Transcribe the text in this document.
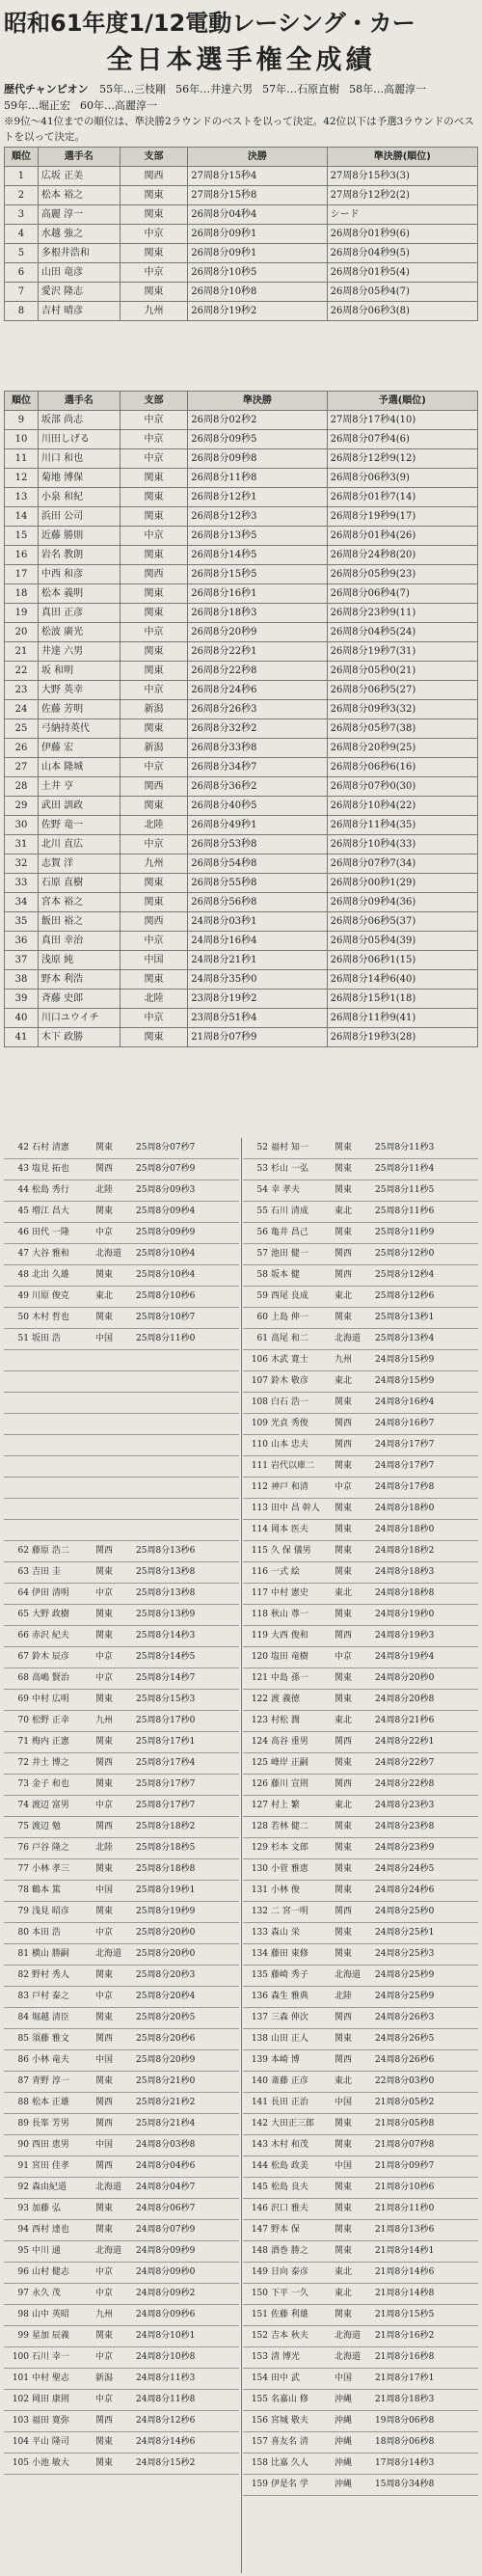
昭和61年度1/12電動レーシング・カー
全日本選手権全成績
歴代チャンピオン 55年…三枝剛 56年…井達六男 57年…石原直樹 58年…高麗淳一59年…堀正宏 60年…高麗淳一
※9位〜41位までの順位は、準決勝2ラウンドのベストを以って決定。42位以下は予選3ラウンドのベストを以って決定。
順位	選手名	支部	決勝	準決勝(順位)
1	広坂 正美	関西	27周8分15秒4	27周8分15秒3(3)
2	松本 裕之	関東	27周8分15秒8	27周8分12秒2(2)
3	高麗 淳一	関東	26周8分04秒4	シード
4	水越 強之	中京	26周8分09秒1	26周8分01秒9(6)
5	多根井浩和	関東	26周8分09秒1	26周8分04秒9(5)
6	山田 竜彦	中京	26周8分10秒5	26周8分01秒5(4)
7	愛沢 隆志	関東	26周8分10秒8	26周8分05秒4(7)
8	吉村 晴彦	九州	26周8分19秒2	26周8分06秒3(8)
順位	選手名	支部	準決勝	予選(順位)
9	坂部 尚志	中京	26周8分02秒2	27周8分17秒4(10)
10	川田しげる	中京	26周8分09秒5	26周8分07秒4(6)
11	川口 和也	中京	26周8分09秒8	26周8分12秒9(12)
12	菊地 博保	関東	26周8分11秒8	26周8分06秒3(9)
13	小泉 和紀	関東	26周8分12秒1	26周8分01秒7(14)
14	浜田 公司	関東	26周8分12秒3	26周8分19秒9(17)
15	近藤 勝則	中京	26周8分13秒5	26周8分01秒4(26)
16	岩名 教朗	関東	26周8分14秒5	26周8分24秒8(20)
17	中西 和彦	関西	26周8分15秒5	26周8分05秒9(23)
18	松本 義明	関東	26周8分16秒1	26周8分06秒4(7)
19	真田 正彦	関東	26周8分18秒3	26周8分23秒9(11)
20	松波 廣光	中京	26周8分20秒9	26周8分04秒5(24)
21	井達 六男	関東	26周8分22秒1	26周8分19秒7(31)
22	坂 和明	関東	26周8分22秒8	26周8分05秒0(21)
23	大野 英幸	中京	26周8分24秒6	26周8分06秒5(27)
24	佐藤 芳明	新潟	26周8分26秒3	26周8分09秒3(32)
25	弓納持英代	関東	26周8分32秒2	26周8分05秒7(38)
26	伊藤 宏	新潟	26周8分33秒8	26周8分20秒9(25)
27	山本 隆城	中京	26周8分34秒7	26周8分06秒6(16)
28	土井 亨	関西	26周8分36秒2	26周8分07秒0(30)
29	武田 訓政	関東	26周8分40秒5	26周8分10秒4(22)
30	佐野 竜一	北陸	26周8分49秒1	26周8分11秒4(35)
31	北川 直広	中京	26周8分53秒8	26周8分10秒4(33)
32	志賀 洋	九州	26周8分54秒8	26周8分07秒7(34)
33	石原 直樹	関東	26周8分55秒8	26周8分00秒1(29)
34	宮本 裕之	関東	26周8分56秒8	26周8分09秒4(36)
35	飯田 裕之	関西	24周8分03秒1	26周8分06秒5(37)
36	真田 幸治	中京	24周8分16秒4	26周8分05秒4(39)
37	浅原 純	中国	24周8分21秒1	26周8分06秒1(15)
38	野本 利浩	関東	24周8分35秒0	26周8分14秒6(40)
39	斉藤 史郎	北陸	23周8分19秒2	26周8分15秒1(18)
40	川口ユウイチ	中京	23周8分51秒4	26周8分11秒9(41)
41	木下 政勝	関東	21周8分07秒9	26周8分19秒3(28)
42 石村 清憲	関東	25周8分07秒7
43 塩見 拓也	関西	25周8分07秒9
44 松島 秀行	北陸	25周8分09秒3
45 増江 昌大	関東	25周8分09秒4
46 田代 一隆	中京	25周8分09秒9
47 大谷 雅和	北海道	25周8分10秒4
48 北出 久雄	関東	25周8分10秒4
49 川原 俊克	東北	25周8分10秒6
50 木村 哲也	関東	25周8分10秒7
51 坂田 浩	中国	25周8分11秒0
62 藤原 浩二	関西	25周8分13秒6
63 吉田 圭	関東	25周8分13秒8
64 伊田 清明	中京	25周8分13秒8
65 大野 政樹	関東	25周8分13秒9
66 赤沢 紀夫	関東	25周8分14秒3
67 鈴木 辰彦	中京	25周8分14秒5
68 高嶋 賢治	中京	25周8分14秒7
69 中村 広明	関東	25周8分15秒3
70 松野 正幸	九州	25周8分17秒0
71 梅内 正憲	関東	25周8分17秒1
72 井土 博之	関西	25周8分17秒4
73 金子 和也	関東	25周8分17秒7
74 渡辺 富男	中京	25周8分17秒7
75 渡辺 勉	関西	25周8分18秒2
76 戸谷 隆之	北陸	25周8分18秒5
77 小林 孝三	関東	25周8分18秒8
78 鶴本 篤	中国	25周8分19秒1
79 浅見 昭彦	関東	25周8分19秒9
80 本田 浩	中京	25周8分20秒0
81 横山 勝嗣	北海道	25周8分20秒0
82 野村 秀人	関東	25周8分20秒3
83 戸村 泰之	中京	25周8分20秒4
84 堀越 清臣	関東	25周8分20秒5
85 須藤 雅文	関西	25周8分20秒6
86 小林 竜夫	中国	25周8分20秒9
87 青野 淳一	関東	25周8分21秒0
88 松本 正雄	関西	25周8分21秒2
89 長峯 芳男	関西	25周8分21秒4
90 西田 恵男	中国	24周8分03秒8
91 宮田 佳孝	関西	24周8分04秒6
92 森由紀道	北海道	24周8分04秒7
93 加藤 弘	関東	24周8分06秒7
94 西村 達也	関東	24周8分07秒9
95 中川 通	北海道	24周8分09秒9
96 山村 健志	中京	24周8分09秒0
97 永久 茂	中京	24周8分09秒2
98 山中 英昭	九州	24周8分09秒6
99 星加 辰義	関東	24周8分10秒1
100 石川 幸一	中京	24周8分10秒8
101 中村 聖志	新潟	24周8分11秒3
102 岡田 康則	中京	24周8分11秒8
103 福田 寛弥	関西	24周8分12秒6
104 平山 隆司	関東	24周8分14秒6
105 小池 敏大	関東	24周8分15秒2
52 福村 知一	関東	25周8分11秒3
53 杉山 一弘	関東	25周8分11秒4
54 幸 孝夫	関東	25周8分11秒5
55 石川 清成	東北	25周8分11秒6
56 亀井 昌己	関東	25周8分11秒9
57 池田 健一	関西	25周8分12秒0
58 坂本 健	関西	25周8分12秒4
59 西尾 良成	東北	25周8分12秒6
60 上島 伸一	関東	25周8分13秒1
61 高尾 和二	北海道	25周8分13秒4
106 木武 寛士	九州	24周8分15秒9
107 鈴木 敬彦	東北	24周8分15秒9
108 白石 浩一	関東	24周8分16秒4
109 光貞 秀俊	関西	24周8分16秒7
110 山本 忠夫	関西	24周8分17秒7
111 岩代以庫二	関東	24周8分17秒7
112 神戸 和清	中京	24周8分17秒8
113 田中 昌 幹人	関東	24周8分18秒0
114 岡本 医夫	関東	24周8分18秒0
115 久 保 儀男	関東	24周8分18秒2
116 一式 絵	関東	24周8分18秒3
117 中村 憲史	東北	24周8分18秒8
118 秋山 尊一	関東	24周8分19秒0
119 大西 俊和	関西	24周8分19秒3
120 塩田 竜樹	中京	24周8分19秒4
121 中島 孫一	関東	24周8分20秒0
122 渡 義徳	関東	24周8分20秒8
123 村松 潤	東北	24周8分21秒6
124 高谷 重男	関西	24周8分22秒1
125 峰岸 正嗣	関東	24周8分22秒7
126 藤川 宣則	関西	24周8分22秒8
127 村上 繁	東北	24周8分23秒3
128 若林 健二	関東	24周8分23秒8
129 杉本 文郎	関東	24周8分23秒9
130 小菅 雅恵	関東	24周8分24秒5
131 小林 俊	関東	24周8分24秒6
132 二 宮一明	関西	24周8分25秒0
133 森山 栄	関東	24周8分25秒1
134 藤田 東修	関東	24周8分25秒3
135 藤崎 秀子	北海道	24周8分25秒9
136 森生 雅典	北陸	24周8分25秒9
137 三森 伸次	関西	24周8分26秒3
138 山田 正人	関東	24周8分26秒5
139 本崎 博	関西	24周8分26秒6
140 斎藤 正彦	東北	22周8分03秒0
141 長田 正治	中国	21周8分05秒2
142 大田正三郎	関東	21周8分05秒8
143 木村 和茂	関東	21周8分07秒8
144 松島 政美	中国	21周8分09秒7
145 松島 良夫	関東	21周8分10秒6
146 沢口 雅夫	関東	21周8分11秒0
147 野本 保	関東	21周8分13秒6
148 酒巻 勝之	関東	21周8分14秒1
149 日向 泰彦	東北	21周8分14秒6
150 下平 一久	東北	21周8分14秒8
151 佐藤 利雄	関東	21周8分15秒5
152 吉本 秋夫	北海道	21周8分16秒2
153 清 博光	北海道	21周8分16秒8
154 田中 武	中国	21周8分17秒1
155 名嘉山 修	沖縄	21周8分18秒3
156 宮城 敬夫	沖縄	19周8分06秒8
157 喜友名 清	沖縄	18周8分06秒8
158 比嘉 久人	沖縄	17周8分14秒3
159 伊是名 学	沖縄	15周8分34秒8
